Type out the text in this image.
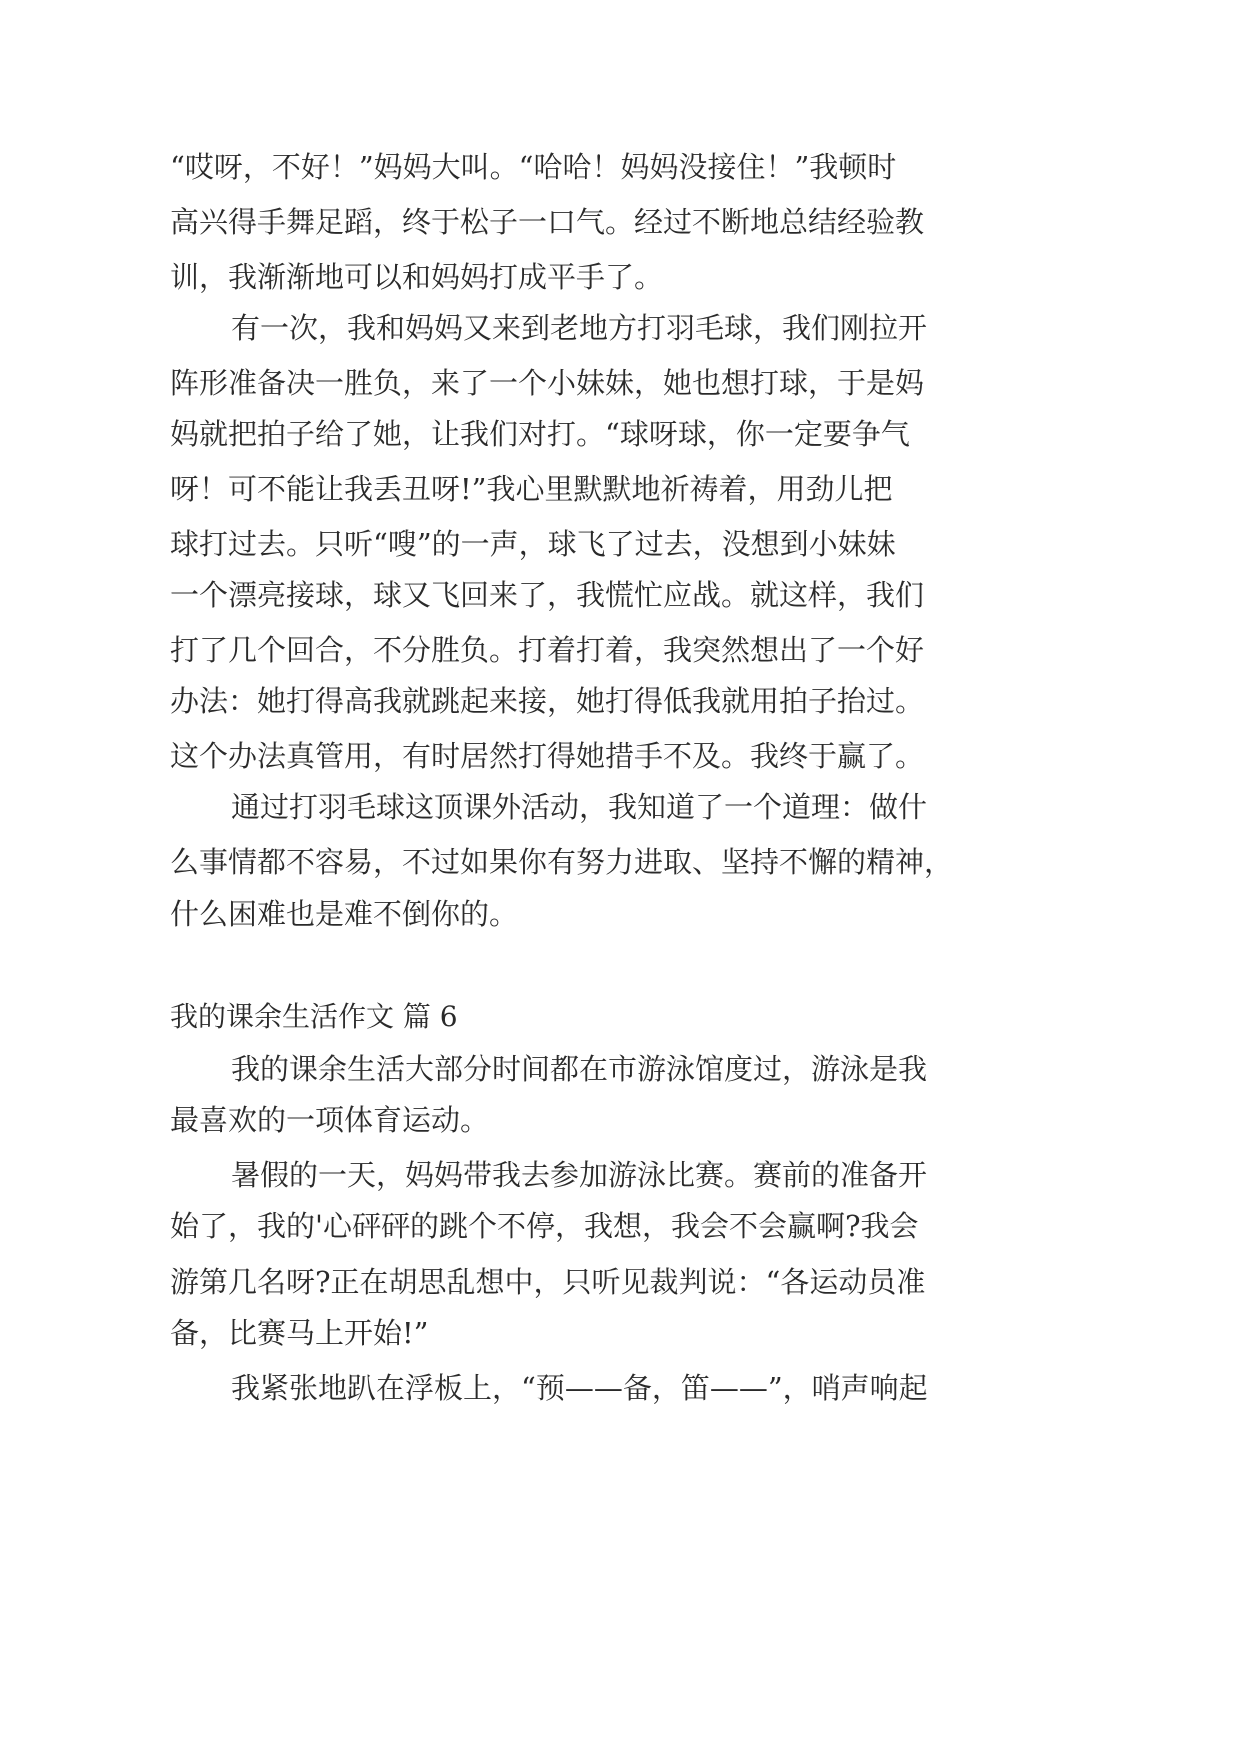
“哎呀，不好！”妈妈大叫。“哈哈！妈妈没接住！”我顿时
高兴得手舞足蹈，终于松子一口气。经过不断地总结经验教
训，我渐渐地可以和妈妈打成平手了。
有一次，我和妈妈又来到老地方打羽毛球，我们刚拉开
阵形准备决一胜负，来了一个小妹妹，她也想打球，于是妈
妈就把拍子给了她，让我们对打。“球呀球，你一定要争气
呀！可不能让我丢丑呀!”我心里默默地祈祷着，用劲儿把
球打过去。只听“嗖”的一声，球飞了过去，没想到小妹妹
一个漂亮接球，球又飞回来了，我慌忙应战。就这样，我们
打了几个回合，不分胜负。打着打着，我突然想出了一个好
办法：她打得高我就跳起来接，她打得低我就用拍子抬过。
这个办法真管用，有时居然打得她措手不及。我终于赢了。
通过打羽毛球这顶课外活动，我知道了一个道理：做什
么事情都不容易，不过如果你有努力进取、坚持不懈的精神，
什么困难也是难不倒你的。
我的课余生活作文 篇 6
我的课余生活大部分时间都在市游泳馆度过，游泳是我
最喜欢的一项体育运动。
暑假的一天，妈妈带我去参加游泳比赛。赛前的准备开
始了，我的'心砰砰的跳个不停，我想，我会不会赢啊?我会
游第几名呀?正在胡思乱想中，只听见裁判说：“各运动员准
备，比赛马上开始!”
我紧张地趴在浮板上，“预——备，笛——”，哨声响起
